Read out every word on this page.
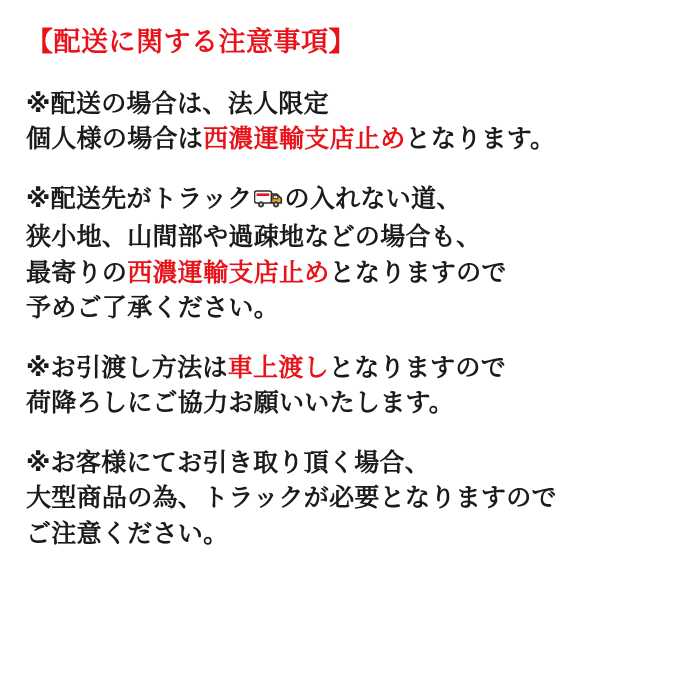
【配送に関する注意事項】
※配送の場合は、法人限定
個人様の場合は西濃運輸支店止めとなります。
※配送先がトラック の入れない道、
狭小地、山間部や過疎地などの場合も、
最寄りの西濃運輸支店止めとなりますので
予めご了承ください。
※お引渡し方法は車上渡しとなりますので
荷降ろしにご協力お願いいたします。
※お客様にてお引き取り頂く場合、
大型商品の為、トラックが必要となりますので
ご注意ください。
